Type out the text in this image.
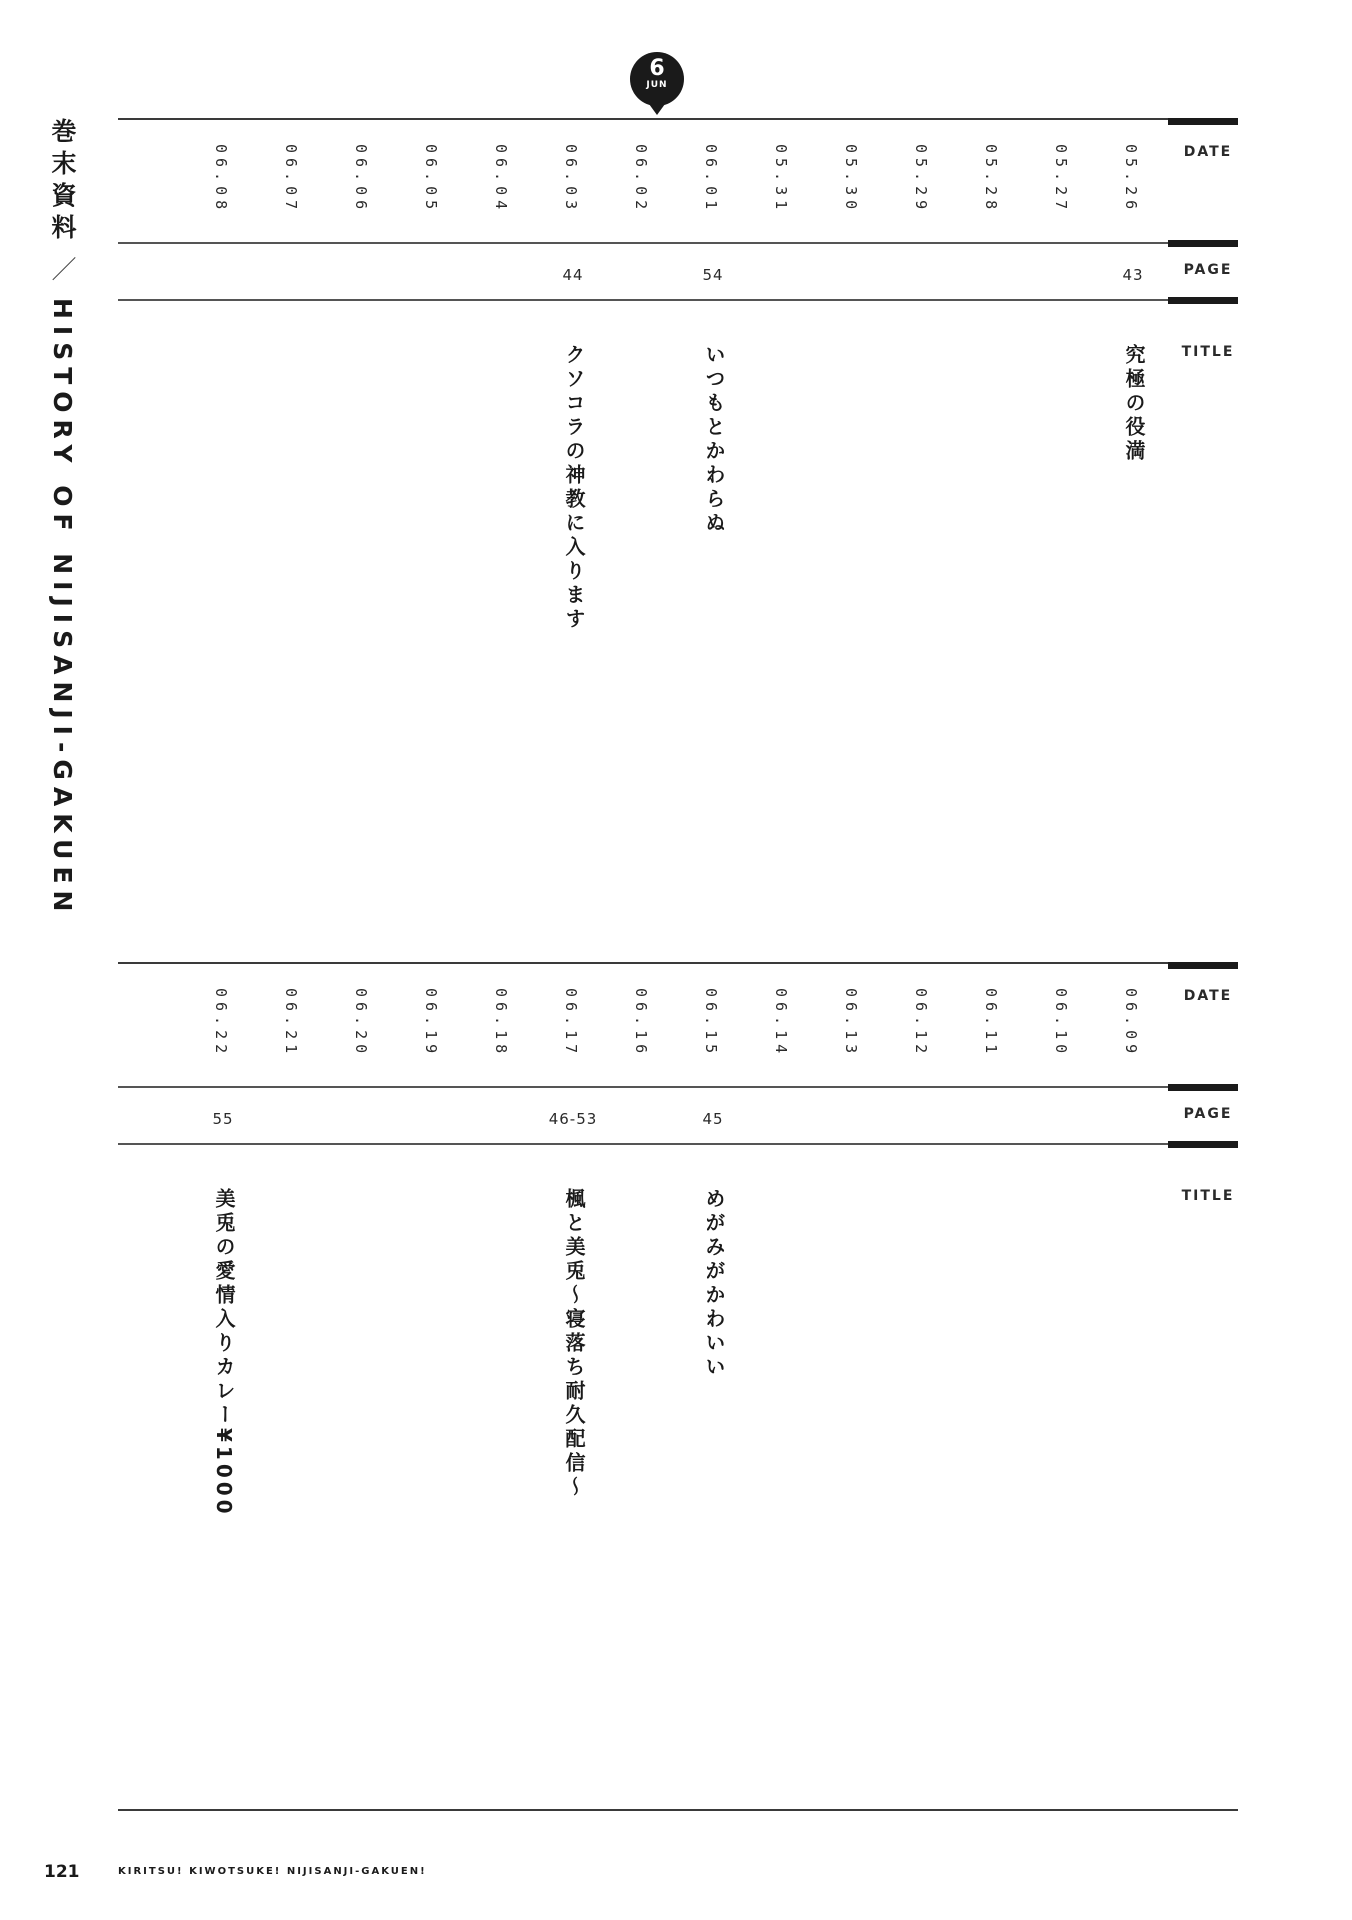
巻末資料／HISTORY OF NIJISANJI-GAKUEN
6
JUN
DATE
PAGE
TITLE
05.26
43
究極の役満
05.27
05.28
05.29
05.30
05.31
06.01
54
いつもとかわらぬ
06.02
06.03
44
クソコラの神教に入ります
06.04
06.05
06.06
06.07
06.08
DATE
PAGE
TITLE
06.09
06.10
06.11
06.12
06.13
06.14
06.15
45
めがみがかわいい
06.16
06.17
46-53
楓と美兎～寝落ち耐久配信～
06.18
06.19
06.20
06.21
06.22
55
美兎の愛情入りカレー¥1000
121	KIRITSU! KIWOTSUKE! NIJISANJI-GAKUEN!
